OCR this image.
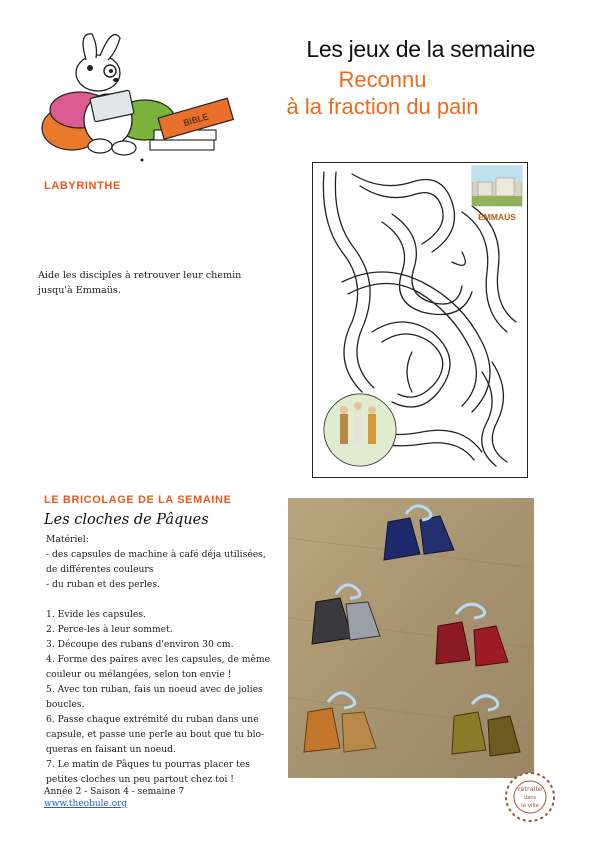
BIBLE
Les jeux de la semaine
Reconnu
à la fraction du pain
LABYRINTHE
Aide les disciples à retrouver leur chemin jusqu'à Emmaüs.
EMMAÜS
LE BRICOLAGE DE LA SEMAINE
Les cloches de Pâques

Matériel:

- des capsules de machine à café déja utilisées,

de différentes couleurs

- du ruban et des perles.

1. Evide les capsules.

2. Perce-les à leur sommet.

3. Découpe des rubans d'environ 30 cm.

4. Forme des paires avec les capsules, de même

couleur ou mélangées, selon ton envie !

5. Avec ton ruban, fais un noeud avec de jolies

boucles.

6. Passe chaque extrémité du ruban dans une

capsule, et passe une perle au bout que tu blo-

queras en faisant un noeud.

7. Le matin de Pâques tu pourras placer tes

petites cloches un peu partout chez toi !

Année 2 - Saison 4 - semaine 7
www.theobule.org
retraite
dans
la ville
